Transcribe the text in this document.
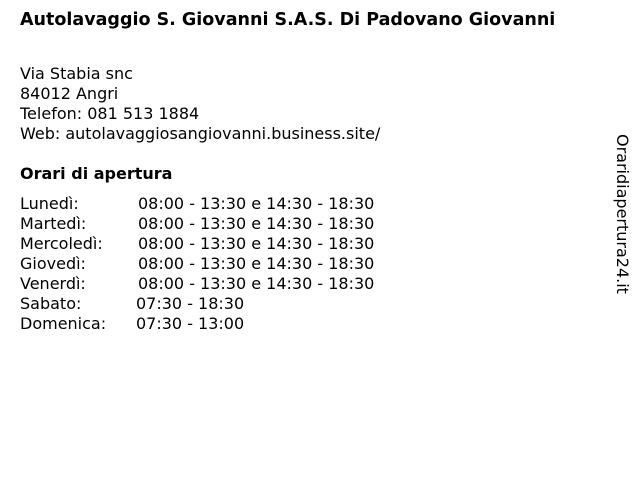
Autolavaggio S. Giovanni S.A.S. Di Padovano Giovanni
Via Stabia snc
84012 Angri
Telefon: 081 513 1884
Web: autolavaggiosangiovanni.business.site/
Orari di apertura
Lunedì:	08:00 - 13:30 e 14:30 - 18:30
Martedì:	08:00 - 13:30 e 14:30 - 18:30
Mercoledì: 08:00 - 13:30 e 14:30 - 18:30
Giovedì:	08:00 - 13:30 e 14:30 - 18:30
Venerdì:	08:00 - 13:30 e 14:30 - 18:30
Sabato:	07:30 - 18:30
Domenica: 07:30 - 13:00
Oraridiapertura24.it
